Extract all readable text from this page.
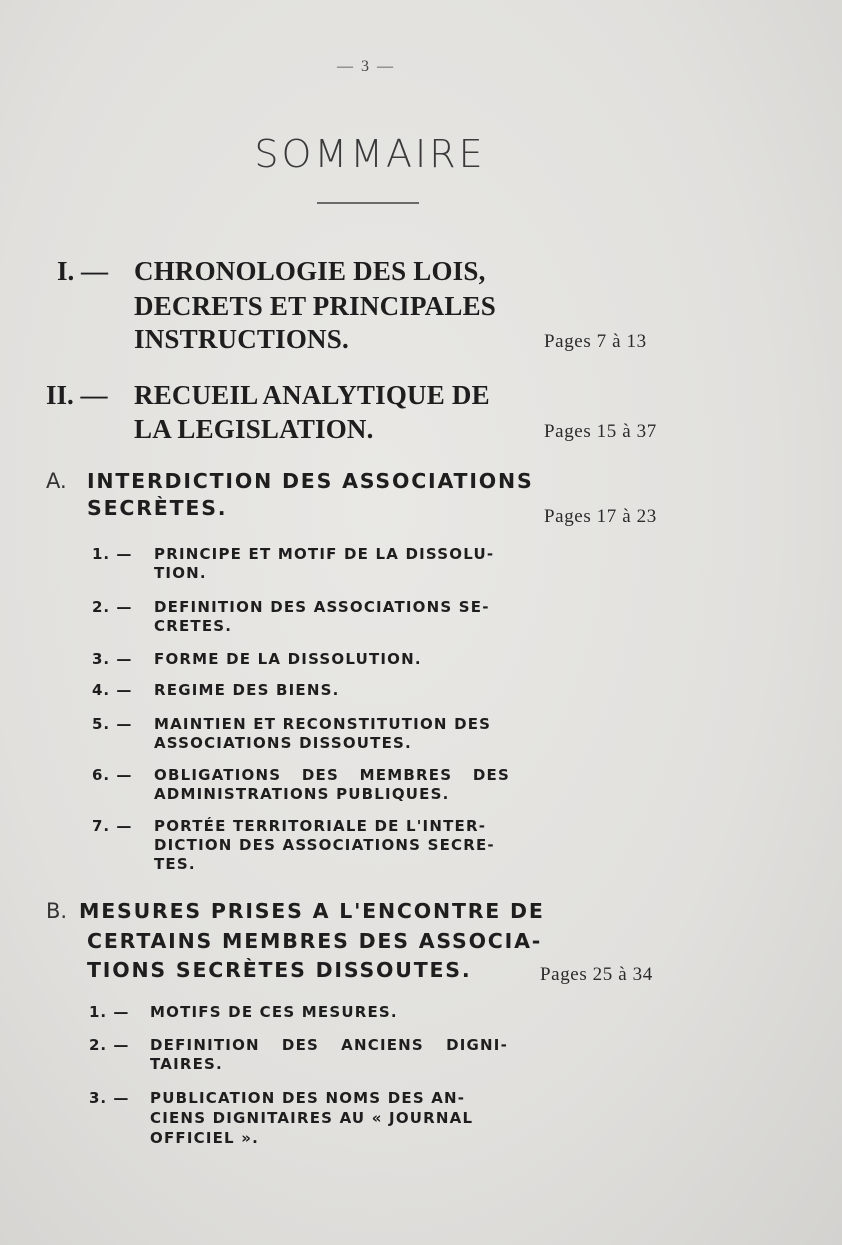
— 3 —
SOMMAIRE
I. — CHRONOLOGIE DES LOIS,
DECRETS ET PRINCIPALES
INSTRUCTIONS.	Pages 7 à 13
II. — RECUEIL ANALYTIQUE DE
LA LEGISLATION.	Pages 15 à 37
A. INTERDICTION DES ASSOCIATIONS
SECRÈTES.	Pages 17 à 23
1. — PRINCIPE ET MOTIF DE LA DISSOLU-
TION.
2. — DEFINITION DES ASSOCIATIONS SE-
CRETES.
3. — FORME DE LA DISSOLUTION.
4. — REGIME DES BIENS.
5. — MAINTIEN ET RECONSTITUTION DES
ASSOCIATIONS DISSOUTES.
6. — OBLIGATIONS DES MEMBRES DES
ADMINISTRATIONS PUBLIQUES.
7. — PORTÉE TERRITORIALE DE L'INTER-
DICTION DES ASSOCIATIONS SECRE-
TES.
B. MESURES PRISES A L'ENCONTRE DE
CERTAINS MEMBRES DES ASSOCIA-
TIONS SECRÈTES DISSOUTES.	Pages 25 à 34
1. — MOTIFS DE CES MESURES.
2. — DEFINITION DES ANCIENS DIGNI-
TAIRES.
3. — PUBLICATION DES NOMS DES AN-
CIENS DIGNITAIRES AU « JOURNAL
OFFICIEL ».
